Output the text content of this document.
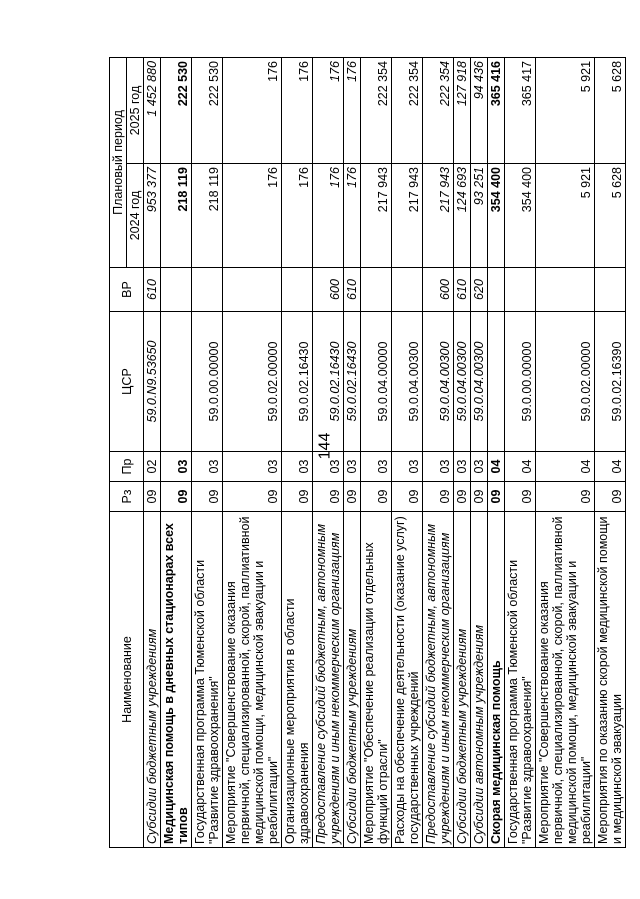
144
Наименование	Рз	Пр	ЦСР	ВР	Плановый период	
					2024 год	2025 год
Субсидии бюджетным учреждениям	09	02	59.0.N9.53650	610	953 377	1 452 880
Медицинская помощь в дневных стационарах всех типов	09	03			218 119	222 530
Государственная программа Тюменской области "Развитие здравоохранения"	09	03	59.0.00.00000		218 119	222 530
Мероприятие "Совершенствование оказания первичной, специализированной, скорой, паллиативной медицинской помощи, медицинской эвакуации и реабилитации"	09	03	59.0.02.00000		176	176
Организационные мероприятия в области здравоохранения	09	03	59.0.02.16430		176	176
Предоставление субсидий бюджетным, автономным учреждениям и иным некоммерческим организациям	09	03	59.0.02.16430	600	176	176
Субсидии бюджетным учреждениям	09	03	59.0.02.16430	610	176	176
Мероприятие "Обеспечение реализации отдельных функций отрасли"	09	03	59.0.04.00000		217 943	222 354
Расходы на обеспечение деятельности (оказание услуг) государственных учреждений	09	03	59.0.04.00300		217 943	222 354
Предоставление субсидий бюджетным, автономным учреждениям и иным некоммерческим организациям	09	03	59.0.04.00300	600	217 943	222 354
Субсидии бюджетным учреждениям	09	03	59.0.04.00300	610	124 693	127 918
Субсидии автономным учреждениям	09	03	59.0.04.00300	620	93 251	94 436
Скорая медицинская помощь	09	04			354 400	365 416
Государственная программа Тюменской области "Развитие здравоохранения"	09	04	59.0.00.00000		354 400	365 417
Мероприятие "Совершенствование оказания первичной, специализированной, скорой, паллиативной медицинской помощи, медицинской эвакуации и реабилитации"	09	04	59.0.02.00000		5 921	5 921
Мероприятия по оказанию скорой медицинской помощи и медицинской эвакуации	09	04	59.0.02.16390		5 628	5 628
